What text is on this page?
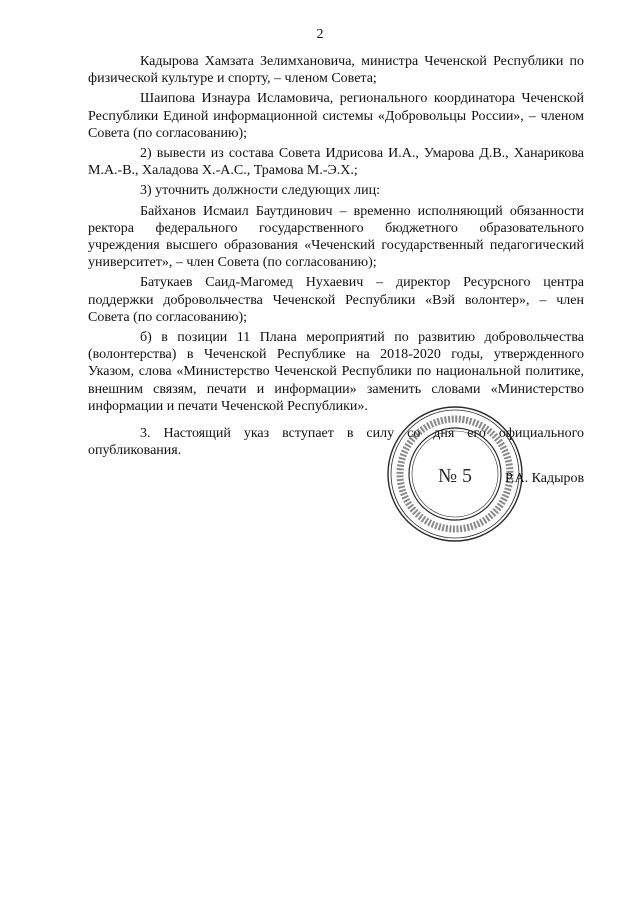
2

Кадырова Хамзата Зелимхановича, министра Чеченской Республики по физической культуре и спорту, – членом Совета;

Шаипова Изнаура Исламовича, регионального координатора Чеченской Республики Единой информационной системы «Добровольцы России», – членом Совета (по согласованию);

2) вывести из состава Совета Идрисова И.А., Умарова Д.В., Ханарикова М.А.-В., Халадова Х.-А.С., Трамова М.-Э.Х.;

3) уточнить должности следующих лиц:

Байханов Исмаил Баутдинович – временно исполняющий обязанности ректора федерального государственного бюджетного образовательного учреждения высшего образования «Чеченский государственный педагогический университет», – член Совета (по согласованию);

Батукаев Саид-Магомед Нухаевич – директор Ресурсного центра поддержки добровольчества Чеченской Республики «Вэй волонтер», – член Совета (по согласованию);

б) в позиции 11 Плана мероприятий по развитию добровольчества (волонтерства) в Чеченской Республике на 2018-2020 годы, утвержденного Указом, слова «Министерство Чеченской Республики по национальной политике, внешним связям, печати и информации» заменить словами «Министерство информации и печати Чеченской Республики».

3. Настоящий указ вступает в силу со дня его официального опубликования.

№ 5 Р.А. Кадыров
